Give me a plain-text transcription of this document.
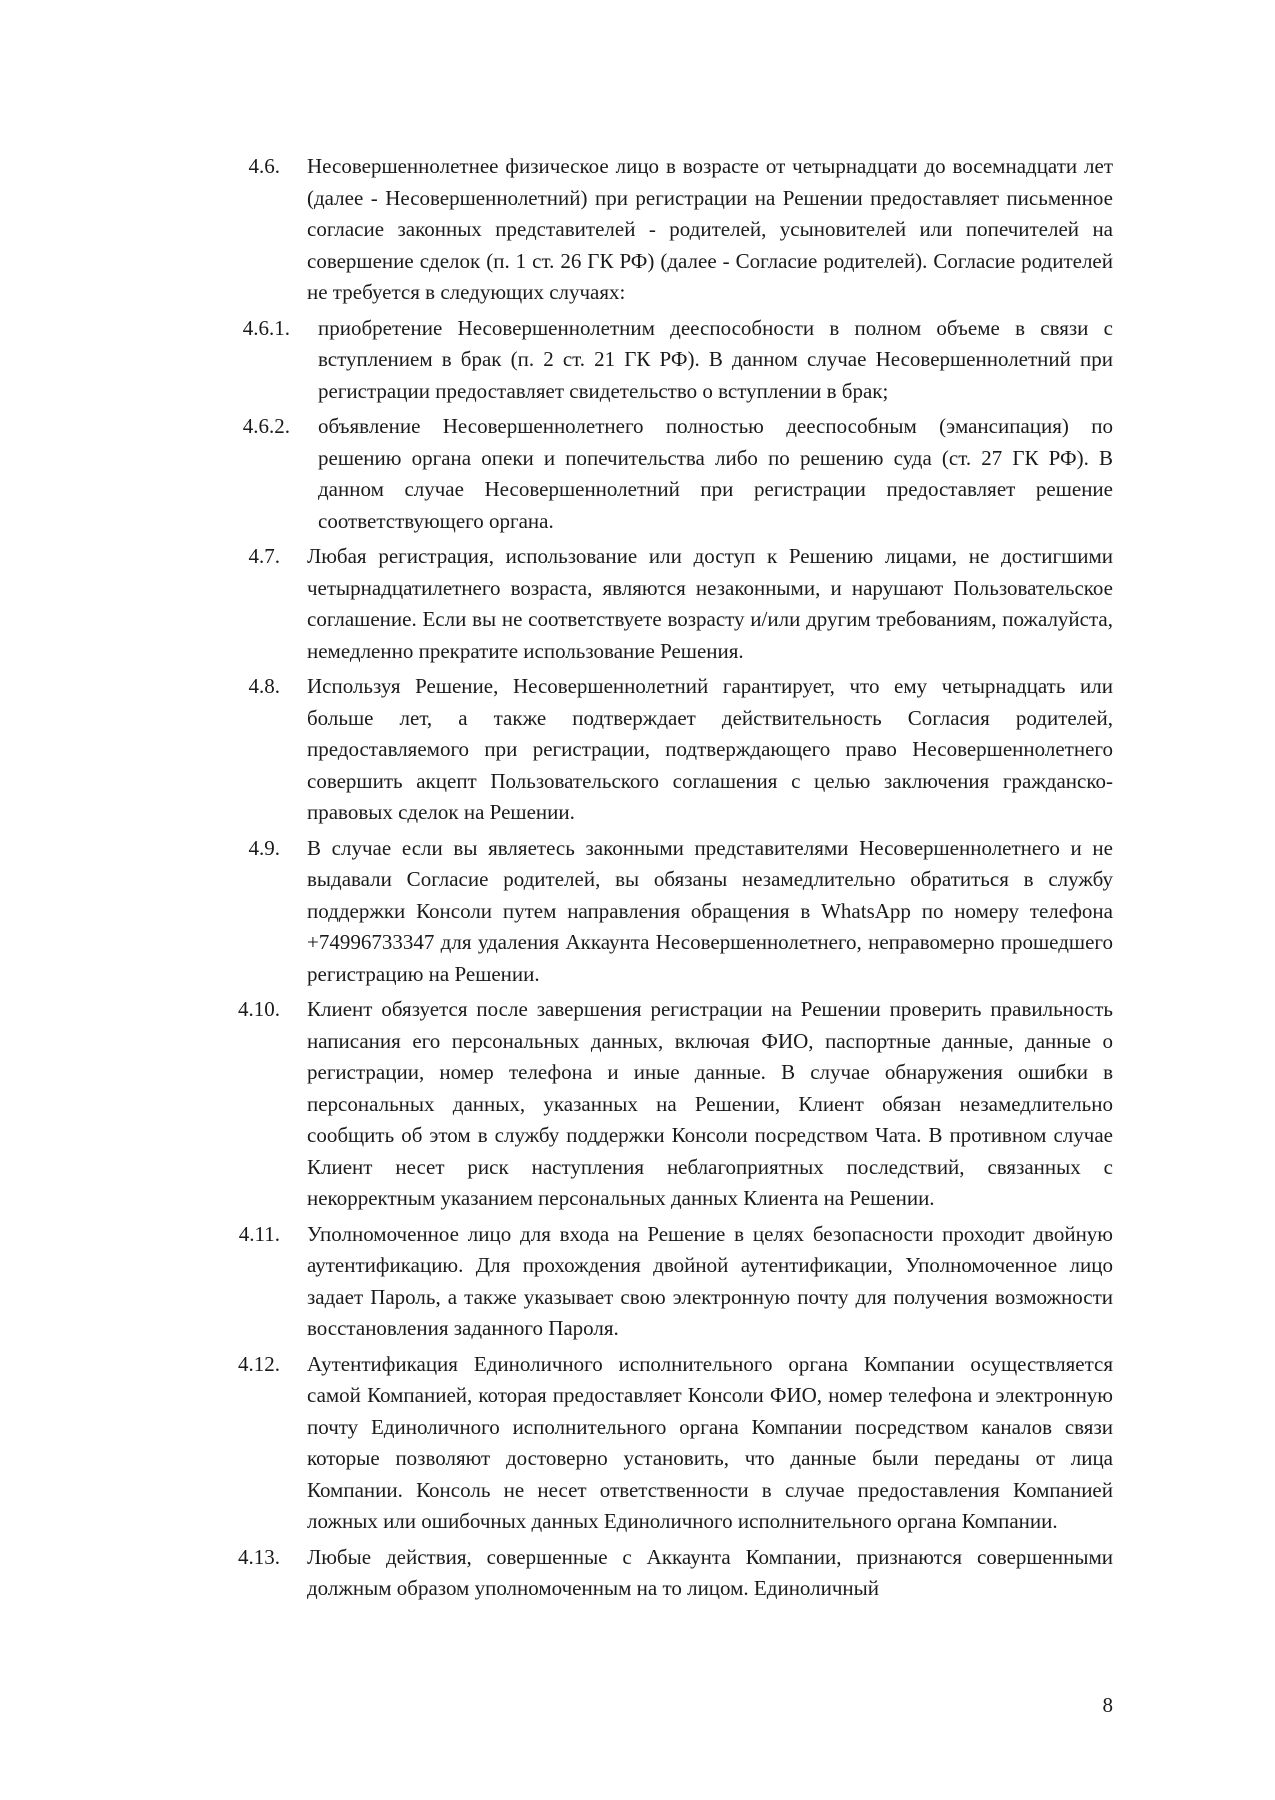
4.6. Несовершеннолетнее физическое лицо в возрасте от четырнадцати до восемнадцати лет (далее - Несовершеннолетний) при регистрации на Решении предоставляет письменное согласие законных представителей - родителей, усыновителей или попечителей на совершение сделок (п. 1 ст. 26 ГК РФ) (далее - Согласие родителей). Согласие родителей не требуется в следующих случаях:
4.6.1. приобретение Несовершеннолетним дееспособности в полном объеме в связи с вступлением в брак (п. 2 ст. 21 ГК РФ). В данном случае Несовершеннолетний при регистрации предоставляет свидетельство о вступлении в брак;
4.6.2. объявление Несовершеннолетнего полностью дееспособным (эмансипация) по решению органа опеки и попечительства либо по решению суда (ст. 27 ГК РФ). В данном случае Несовершеннолетний при регистрации предоставляет решение соответствующего органа.
4.7. Любая регистрация, использование или доступ к Решению лицами, не достигшими четырнадцатилетнего возраста, являются незаконными, и нарушают Пользовательское соглашение. Если вы не соответствуете возрасту и/или другим требованиям, пожалуйста, немедленно прекратите использование Решения.
4.8. Используя Решение, Несовершеннолетний гарантирует, что ему четырнадцать или больше лет, а также подтверждает действительность Согласия родителей, предоставляемого при регистрации, подтверждающего право Несовершеннолетнего совершить акцепт Пользовательского соглашения с целью заключения гражданско-правовых сделок на Решении.
4.9. В случае если вы являетесь законными представителями Несовершеннолетнего и не выдавали Согласие родителей, вы обязаны незамедлительно обратиться в службу поддержки Консоли путем направления обращения в WhatsApp по номеру телефона +74996733347 для удаления Аккаунта Несовершеннолетнего, неправомерно прошедшего регистрацию на Решении.
4.10. Клиент обязуется после завершения регистрации на Решении проверить правильность написания его персональных данных, включая ФИО, паспортные данные, данные о регистрации, номер телефона и иные данные. В случае обнаружения ошибки в персональных данных, указанных на Решении, Клиент обязан незамедлительно сообщить об этом в службу поддержки Консоли посредством Чата. В противном случае Клиент несет риск наступления неблагоприятных последствий, связанных с некорректным указанием персональных данных Клиента на Решении.
4.11. Уполномоченное лицо для входа на Решение в целях безопасности проходит двойную аутентификацию. Для прохождения двойной аутентификации, Уполномоченное лицо задает Пароль, а также указывает свою электронную почту для получения возможности восстановления заданного Пароля.
4.12. Аутентификация Единоличного исполнительного органа Компании осуществляется самой Компанией, которая предоставляет Консоли ФИО, номер телефона и электронную почту Единоличного исполнительного органа Компании посредством каналов связи которые позволяют достоверно установить, что данные были переданы от лица Компании. Консоль не несет ответственности в случае предоставления Компанией ложных или ошибочных данных Единоличного исполнительного органа Компании.
4.13. Любые действия, совершенные с Аккаунта Компании, признаются совершенными должным образом уполномоченным на то лицом. Единоличный
8
